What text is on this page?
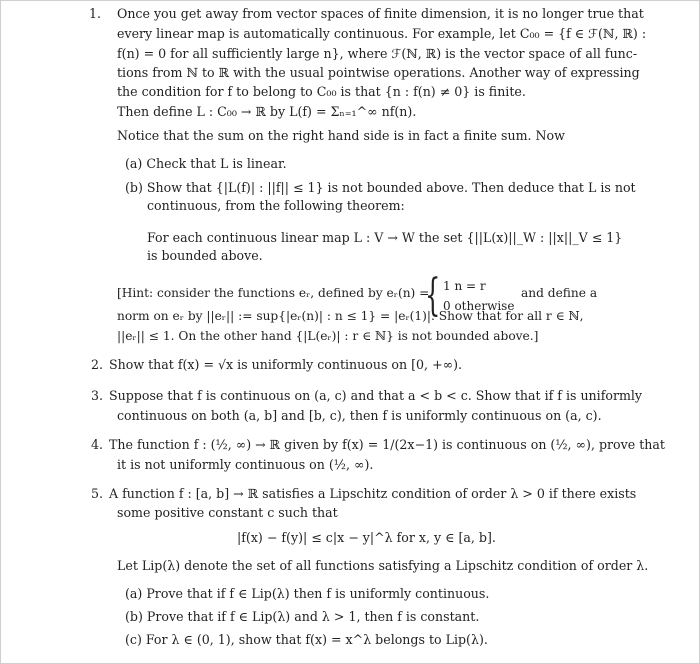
1. Once you get away from vector spaces of finite dimension, it is no longer true that
every linear map is automatically continuous. For example, let C₀₀ = {f ∈ ℱ(ℕ, ℝ) :
f(n) = 0 for all sufficiently large n}, where ℱ(ℕ, ℝ) is the vector space of all func-
tions from ℕ to ℝ with the usual pointwise operations. Another way of expressing
the condition for f to belong to C₀₀ is that {n : f(n) ≠ 0} is finite.
Then define L : C₀₀ → ℝ by L(f) = Σₙ₌₁^∞ nf(n).
Notice that the sum on the right hand side is in fact a finite sum. Now
(a) Check that L is linear.
(b) Show that {|L(f)| : ||f|| ≤ 1} is not bounded above. Then deduce that L is not
continuous, from the following theorem:
For each continuous linear map L : V → W the set {||L(x)||_W : ||x||_V ≤ 1}
is bounded above.
[Hint: consider the functions eᵣ, defined by eᵣ(n) =
{ 1 n = r
0 otherwise
and define a
norm on eᵣ by ||eᵣ|| := sup{|eᵣ(n)| : n ≤ 1} = |eᵣ(1)|. Show that for all r ∈ ℕ,
||eᵣ|| ≤ 1. On the other hand {|L(eᵣ)| : r ∈ ℕ} is not bounded above.]
2. Show that f(x) = √x is uniformly continuous on [0, +∞).
3. Suppose that f is continuous on (a, c) and that a < b < c. Show that if f is uniformly
continuous on both (a, b] and [b, c), then f is uniformly continuous on (a, c).
4. The function f : (½, ∞) → ℝ given by f(x) = 1/(2x−1) is continuous on (½, ∞), prove that
it is not uniformly continuous on (½, ∞).
5. A function f : [a, b] → ℝ satisfies a Lipschitz condition of order λ > 0 if there exists
some positive constant c such that
|f(x) − f(y)| ≤ c|x − y|^λ for x, y ∈ [a, b].
Let Lip(λ) denote the set of all functions satisfying a Lipschitz condition of order λ.
(a) Prove that if f ∈ Lip(λ) then f is uniformly continuous.
(b) Prove that if f ∈ Lip(λ) and λ > 1, then f is constant.
(c) For λ ∈ (0, 1), show that f(x) = x^λ belongs to Lip(λ).
